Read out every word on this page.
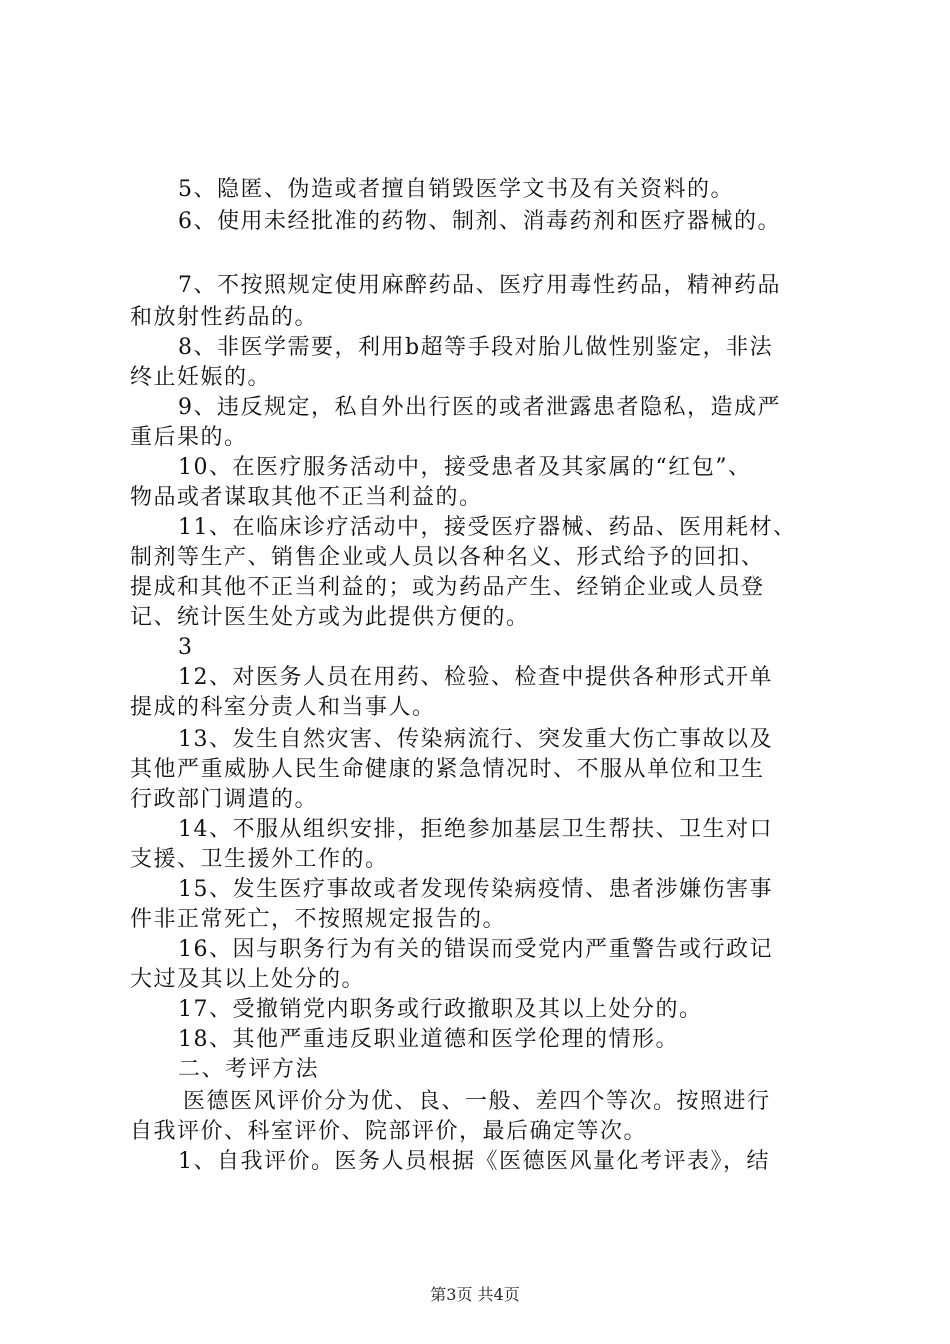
5、隐匿、伪造或者擅自销毁医学文书及有关资料的。
6、使用未经批准的药物、制剂、消毒药剂和医疗器械的。
7、不按照规定使用麻醉药品、医疗用毒性药品，精神药品
和放射性药品的。
8、非医学需要，利用b超等手段对胎儿做性别鉴定，非法
终止妊娠的。
9、违反规定，私自外出行医的或者泄露患者隐私，造成严
重后果的。
10、在医疗服务活动中，接受患者及其家属的“红包”、
物品或者谋取其他不正当利益的。
11、在临床诊疗活动中，接受医疗器械、药品、医用耗材、
制剂等生产、销售企业或人员以各种名义、形式给予的回扣、
提成和其他不正当利益的；或为药品产生、经销企业或人员登
记、统计医生处方或为此提供方便的。
3
12、对医务人员在用药、检验、检查中提供各种形式开单
提成的科室分责人和当事人。
13、发生自然灾害、传染病流行、突发重大伤亡事故以及
其他严重威胁人民生命健康的紧急情况时、不服从单位和卫生
行政部门调遣的。
14、不服从组织安排，拒绝参加基层卫生帮扶、卫生对口
支援、卫生援外工作的。
15、发生医疗事故或者发现传染病疫情、患者涉嫌伤害事
件非正常死亡，不按照规定报告的。
16、因与职务行为有关的错误而受党内严重警告或行政记
大过及其以上处分的。
17、受撤销党内职务或行政撤职及其以上处分的。
18、其他严重违反职业道德和医学伦理的情形。
二、考评方法
医德医风评价分为优、良、一般、差四个等次。按照进行
自我评价、科室评价、院部评价，最后确定等次。
1、自我评价。医务人员根据《医德医风量化考评表》，结
第3页 共4页
